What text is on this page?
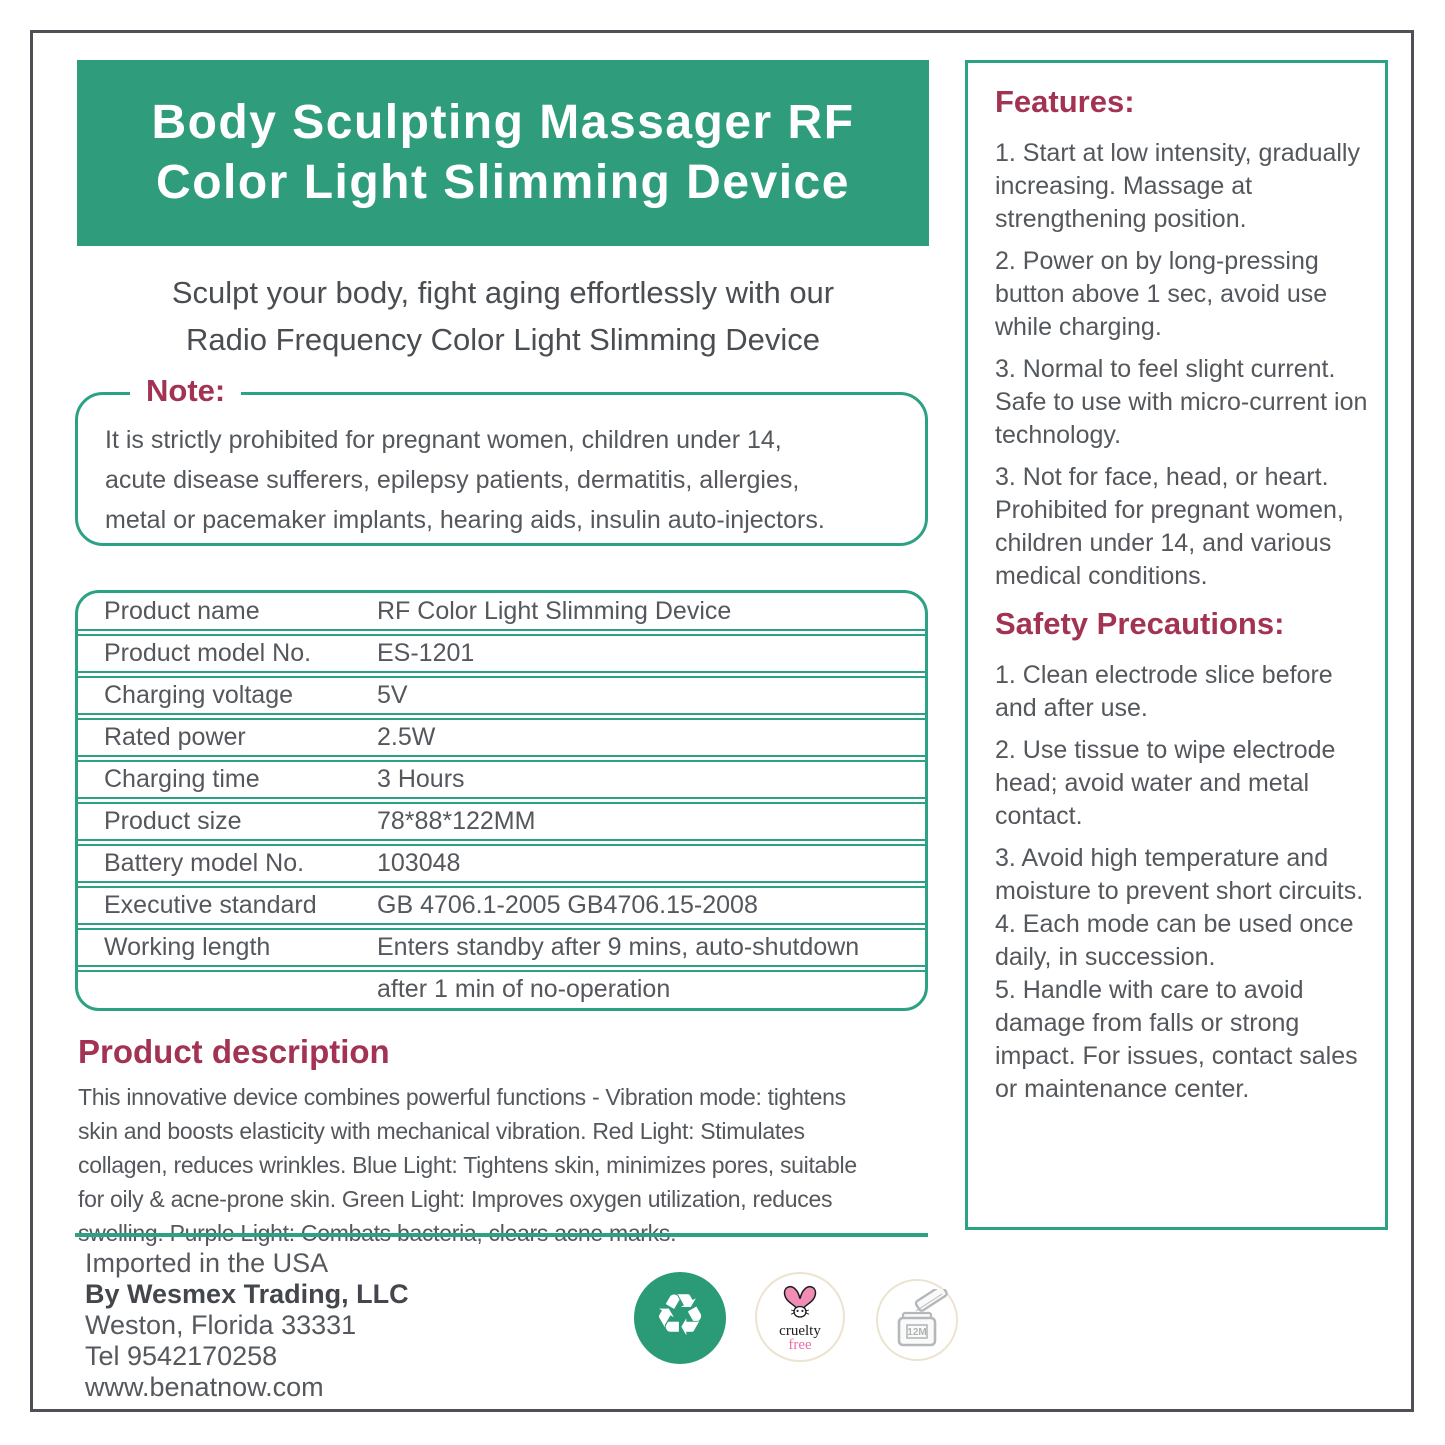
Body Sculpting Massager RF
Color Light Slimming Device
Sculpt your body, fight aging effortlessly with our
Radio Frequency Color Light Slimming Device
Note:
It is strictly prohibited for pregnant women, children under 14,
acute disease sufferers, epilepsy patients, dermatitis, allergies,
metal or pacemaker implants, hearing aids, insulin auto-injectors.
Product name	RF Color Light Slimming Device
Product model No.	ES-1201
Charging voltage	5V
Rated power	2.5W
Charging time	3 Hours
Product size	78*88*122MM
Battery model No.	103048
Executive standard	GB 4706.1-2005 GB4706.15-2008
Working length	Enters standby after 9 mins, auto-shutdown
after 1 min of no-operation
Product description
This innovative device combines powerful functions - Vibration mode: tightens
skin and boosts elasticity with mechanical vibration. Red Light: Stimulates
collagen, reduces wrinkles. Blue Light: Tightens skin, minimizes pores, suitable
for oily & acne-prone skin. Green Light: Improves oxygen utilization, reduces
Imported in the USA
By Wesmex Trading, LLC
Weston, Florida 33331
Tel 9542170258
www.benatnow.com
♻	cruelty
free
12M
Features:
1. Start at low intensity, gradually increasing. Massage at strengthening position.
2. Power on by long-pressing button above 1 sec, avoid use while charging.
3. Normal to feel slight current. Safe to use with micro-current ion technology.
3. Not for face, head, or heart. Prohibited for pregnant women, children under 14, and various medical conditions.
Safety Precautions:
1. Clean electrode slice before and after use.
2. Use tissue to wipe electrode head; avoid water and metal contact.
3. Avoid high temperature and moisture to prevent short circuits.
4. Each mode can be used once daily, in succession.
5. Handle with care to avoid damage from falls or strong impact. For issues, contact sales or maintenance center.
